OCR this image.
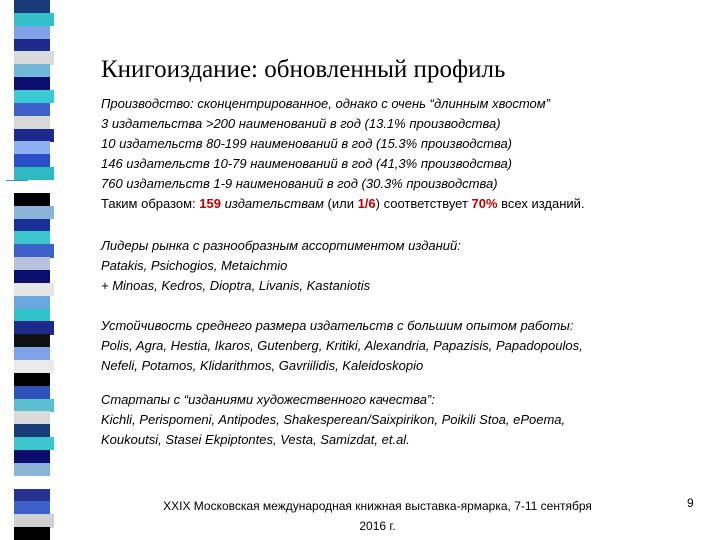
Книгоиздание: обновленный профиль
Производство: сконцентрированное, однако с очень “длинным хвостом”
3 издательства >200 наименований в год (13.1% производства)
10 издательств 80-199 наименований в год (15.3% производства)
146 издательств 10-79 наименований в год (41,3% производства)
760 издательств 1-9 наименований в год (30.3% производства)
Таким образом: 159 издательствам (или 1/6) соответствует 70% всех изданий.
Лидеры рынка с разнообразным ассортиментом изданий:
Patakis, Psichogios, Metaichmio
+ Minoas, Kedros, Dioptra, Livanis, Kastaniotis
Устойчивость среднего размера издательств с большим опытом работы:
Polis, Agra, Hestia, Ikaros, Gutenberg, Kritiki, Alexandria, Papazisis, Papadopoulos,
Nefeli, Potamos, Klidarithmos, Gavriilidis, Kaleidoskopio
Стартапы с “изданиями художественного качества”:
Kichli, Perispomeni, Antipodes, Shakesperean/Saixpirikon, Poikili Stoa, ePoema,
Koukoutsi, Stasei Ekpiptontes, Vesta, Samizdat, et.al.
XXIX Московская международная книжная выставка-ярмарка, 7-11 сентября
2016 г.
9
